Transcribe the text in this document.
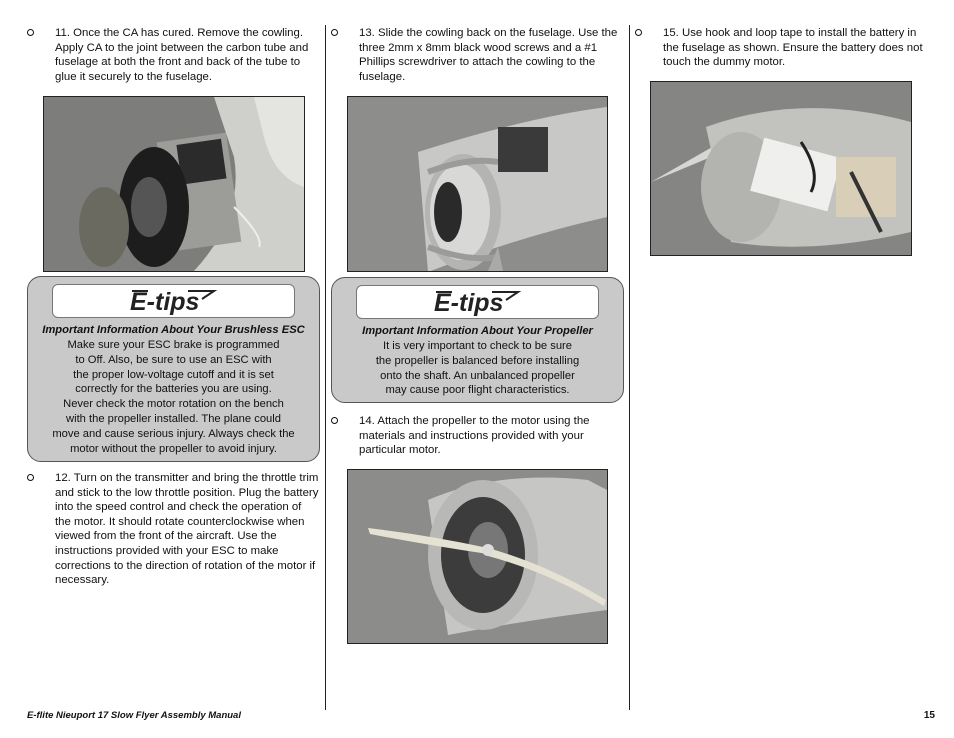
11. Once the CA has cured. Remove the cowling. Apply CA to the joint between the carbon tube and fuselage at both the front and back of the tube to glue it securely to the fuselage.
E-tips
Important Information About Your Brushless ESC
Make sure your ESC brake is programmed
to Off. Also, be sure to use an ESC with
the proper low-voltage cutoff and it is set
correctly for the batteries you are using.
Never check the motor rotation on the bench
with the propeller installed. The plane could
move and cause serious injury. Always check the
motor without the propeller to avoid injury.
12. Turn on the transmitter and bring the throttle trim and stick to the low throttle position. Plug the battery into the speed control and check the operation of the motor. It should rotate counterclockwise when viewed from the front of the aircraft. Use the instructions provided with your ESC to make corrections to the direction of rotation of the motor if necessary.
13. Slide the cowling back on the fuselage. Use the three 2mm x 8mm black wood screws and a #1 Phillips screwdriver to attach the cowling to the fuselage.
E-tips
Important Information About Your Propeller
It is very important to check to be sure
the propeller is balanced before installing
onto the shaft. An unbalanced propeller
may cause poor flight characteristics.
14. Attach the propeller to the motor using the materials and instructions provided with your particular motor.
15. Use hook and loop tape to install the battery in the fuselage as shown. Ensure the battery does not touch the dummy motor.
E-flite Nieuport 17 Slow Flyer Assembly Manual	15
